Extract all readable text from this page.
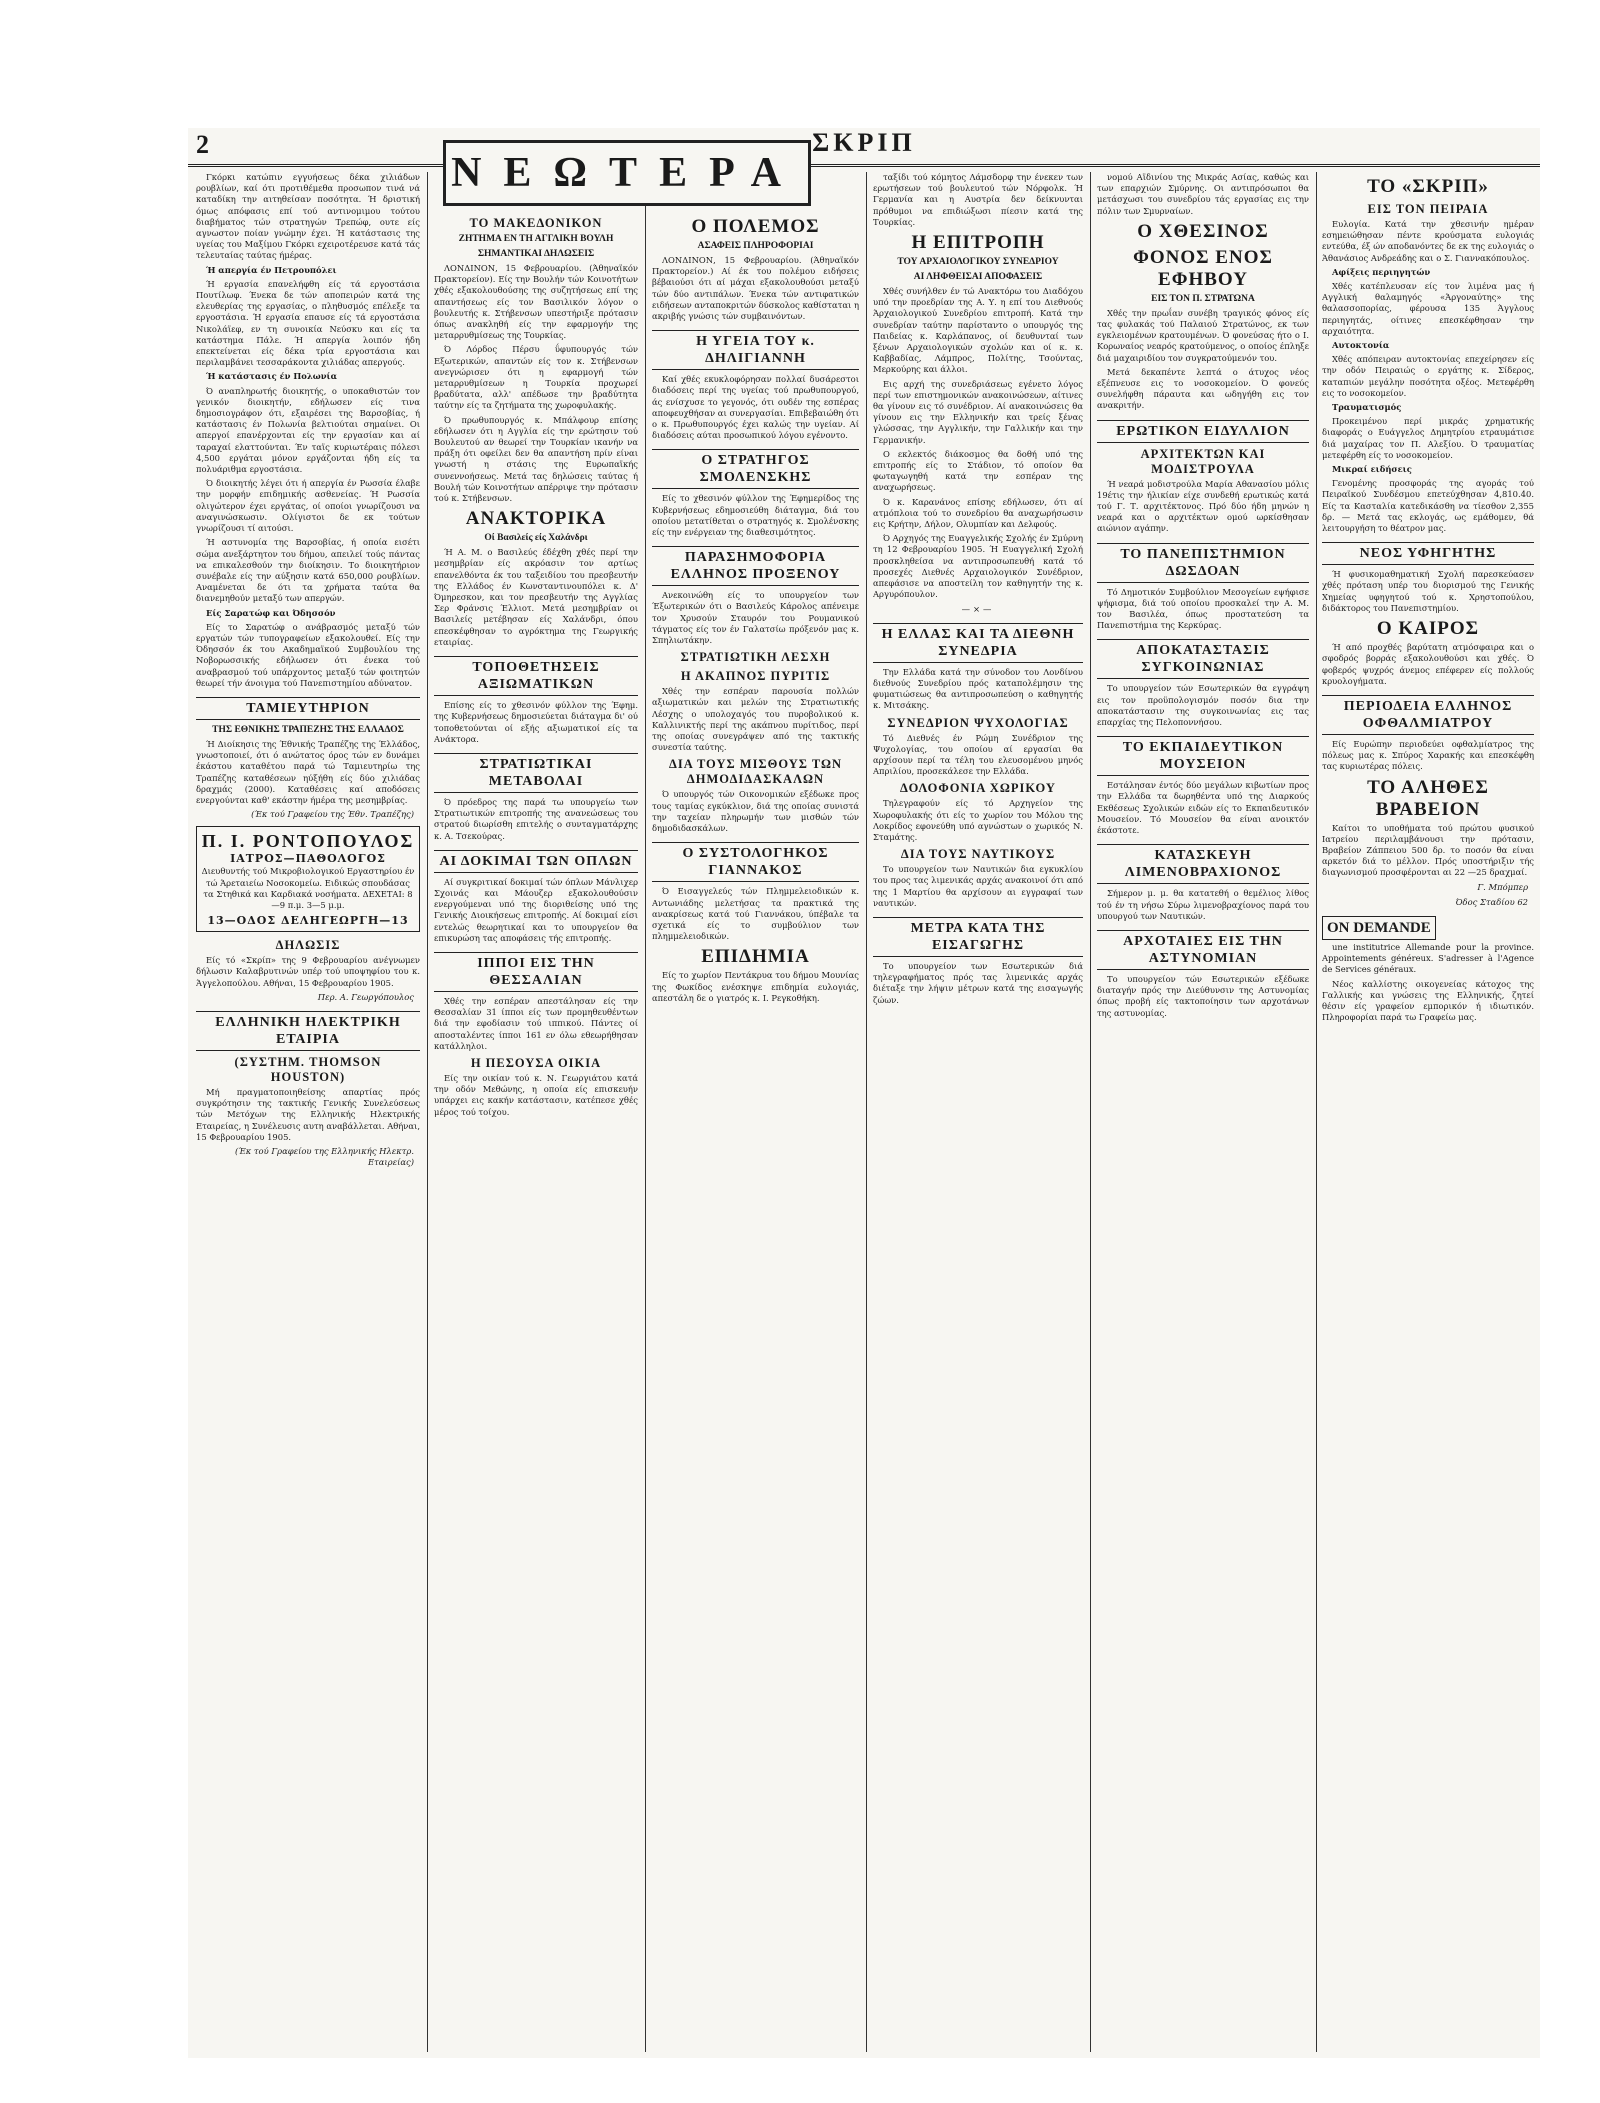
2	ΣΚΡΙΠ

Γκόρκι κατώπιν εγγυήσεως δέκα χιλιάδων ρουβλίων, καί ότι προτιθέμεθα προσωπον τινά νά καταδίκη την αιτηθείσαν ποσότητα. Ή δριστική όμως απόφασις επί τού αντινομιμου τούτου διαβήματος τών στρατηγών Τρεπώφ, ουτε είς αγνωστον ποίαν γνώμην έχει. Ή κατάστασις της υγείας του Μαξίμου Γκόρκι εχειροτέρευσε κατά τάς τελευταίας ταύτας ήμέρας.

Ή απεργία έν Πετρουπόλει

Ή εργασία επανελήφθη είς τά εργοστάσια Πουτίλωφ. Ένεκα δε τών αποπειρών κατά της ελευθερίας της εργασίας, ο πληθυσμός επέλεξε τα εργοστάσια. Ή εργασία επαυσε είς τά εργοστάσια Νικολάϊεφ, εν τη συνοικία Νεύσκυ και είς τα κατάστημα Πάλε. Ή απεργία λοιπόν ήδη επεκτείνεται είς δέκα τρία εργοστάσια και περιλαμβάνει τεσσαράκοντα χιλιάδας απεργούς.

Ή κατάστασις έν Πολωνία

Ό αναπληρωτής διοικητής, ο υποκαθιστών τον γενικόν διοικητήν, εδήλωσεν είς τινα δημοσιογράφον ότι, εξαιρέσει της Βαρσοβίας, ή κατάστασις έν Πολωνία βελτιούται σημαίνει. Οι απεργοί επανέρχονται είς την εργασίαν και αί ταραχαί ελαττούνται. Έν ταϊς κυριωτέραις πόλεσι 4,500 εργάται μόνον εργάζονται ήδη είς τα πολυάριθμα εργοστάσια.

Ό διοικητής λέγει ότι ή απεργία έν Ρωσσία έλαβε την μορφήν επιδημικής ασθενείας. Ή Ρωσσία ολιγώτερον έχει εργάτας, οί οποίοι γνωρίζουσι να αναγινώσκωσιν. Ολίγιστοι δε εκ τούτων γνωρίζουσι τί αιτούσι.

Ή αστυνομία της Βαρσοβίας, ή οποία εισέτι σώμα ανεξάρτητον του δήμου, απειλεί τούς πάντας να επικαλεσθούν την διοίκησιν. Το διοικητήριον συνέβαλε είς την αύξησιν κατά 650,000 ρουβλίων. Αναμένεται δε ότι τα χρήματα ταύτα θα διανεμηθούν μεταξύ των απεργών.

Είς Σαρατώφ και Όδησσόν

Είς το Σαρατώφ ο ανάβρασμός μεταξύ τών εργατών τών τυπογραφείων εξακολουθεί. Είς την Όδησσόν έκ του Ακαδημαϊκού Συμβουλίου της Νοβορωσσικής εδήλωσεν ότι ένεκα τού αναβρασμού τού υπάρχοντος μεταξύ τών φοιτητών θεωρεί τήν άνοιγμα τού Πανεπιστημίου αδύνατον.

ΤΑΜΙΕΥΤΗΡΙΟΝ
ΤΗΣ ΕΘΝΙΚΗΣ ΤΡΑΠΕΖΗΣ ΤΗΣ ΕΛΛΑΔΟΣ

Ή Διοίκησις της Έθνικής Τραπέζης της Έλλάδος, γνωστοποιεί, ότι ό ανώτατος όρος τών εν δυνάμει έκάστου καταθέτου παρά τώ Ταμιευτηρίω της Τραπέζης καταθέσεων ηύξήθη είς δύο χιλιάδας δραχμάς (2000). Καταθέσεις καί αποδόσεις ενεργούνται καθ' εκάστην ήμέρα της μεσημβρίας.

(Έκ τού Γραφείου της Έθν. Τραπέζης)
Π. Ι. ΡΟΝΤΟΠΟΥΛΟΣ
ΙΑΤΡΟΣ—ΠΑΘΟΛΟΓΟΣ

Διευθυντής τού Μικροβιολογικού Εργαστηρίου έν τώ Άρεταιείω Νοσοκομείω. Ειδικώς σπουδάσας τα Στηθικά και Καρδιακά νοσήματα. ΔΕΧΕΤΑΙ: 8—9 π.μ. 3—5 μ.μ.

13—ΟΔΟΣ ΔΕΛΗΓΕΩΡΓΗ—13
ΔΗΛΩΣΙΣ

Είς τό «Σκρίπ» της 9 Φεβρουαρίου ανέγνωμεν δήλωσιν Καλαβρυτινών υπέρ τού υποψηφίου του κ. Άγγελοπούλου. Αθήναι, 15 Φεβρουαρίου 1905.

Περ. Α. Γεωργόπουλος
ΕΛΛΗΝΙΚΗ ΗΛΕΚΤΡΙΚΗ ΕΤΑΙΡΙΑ
(ΣΥΣΤΗΜ. THOMSON HOUSTON)

Μή πραγματοποιηθείσης απαρτίας πρός συγκρότησιν της τακτικής Γενικής Συνελεύσεως τών Μετόχων της Ελληνικής Ηλεκτρικής Εταιρείας, η Συνέλευσις αυτη αναβάλλεται. Αθήναι, 15 Φεβρουαρίου 1905.

(Έκ τού Γραφείου της Ελληνικής Ηλεκτρ. Εταιρείας)
ΝΕΩΤΕΡΑ
ΤΟ ΜΑΚΕΔΟΝΙΚΟΝ
ΖΗΤΗΜΑ ΕΝ ΤΗ ΑΓΓΛΙΚΗ ΒΟΥΛΗ
ΣΗΜΑΝΤΙΚΑΙ ΔΗΛΩΣΕΙΣ

ΛΟΝΔΙΝΟΝ, 15 Φεβρουαρίου. (Άθηναϊκόν Πρακτορείον). Είς την Βουλήν τών Κοινοτήτων χθές εξακολουθούσης της συζητήσεως επί της απαντήσεως είς τον Βασιλικόν λόγον ο βουλευτής κ. Στήβενσων υπεστήριξε πρότασιν όπως ανακληθή είς την εφαρμογήν της μεταρρυθμίσεως της Τουρκίας.

Ό Λόρδος Πέρσυ ΰφυπουργός τών Εξωτερικών, απαντών είς τον κ. Στήβενσων ανεγνώρισεν ότι η εφαρμογή τών μεταρρυθμίσεων η Τουρκία προχωρεί βραδύτατα, αλλ' απέδωσε την βραδύτητα ταύτην είς τα ζητήματα της χωροφυλακής.

Ό πρωθυπουργός κ. Μπάλφουρ επίσης εδήλωσεν ότι η Αγγλία είς την ερώτησιν τού Βουλευτού αν θεωρεί την Τουρκίαν ικανήν να πράξη ότι οφείλει δεν θα απαντήση πρίν είναι γνωστή η στάσις της Ευρωπαϊκής συνεννοήσεως. Μετά τας δηλώσεις ταύτας ή Βουλή τών Κοινοτήτων απέρριψε την πρότασιν τού κ. Στήβενσων.

ΑΝΑΚΤΟΡΙΚΑ
Οί Βασιλείς είς Χαλάνδρι

Ή Α. Μ. ο Βασιλεύς έδέχθη χθές περί την μεσημβρίαν είς ακρόασιν τον αρτίως επανελθόντα έκ του ταξειδίου του πρεσβευτήν της Ελλάδος έν Κωνσταντινουπόλει κ. Δ' Όμηρεσκον, και τον πρεσβευτήν της Αγγλίας Σερ Φράνσις Έλλιοτ. Μετά μεσημβρίαν οι Βασιλείς μετέβησαν είς Χαλάνδρι, όπου επεσκέφθησαν το αγρόκτημα της Γεωργικής εταιρίας.

ΤΟΠΟΘΕΤΗΣΕΙΣ ΑΞΙΩΜΑΤΙΚΩΝ

Επίσης είς το χθεσινόν φύλλον της Έφημ. της Κυβερνήσεως δημοσιεύεται διάταγμα δι' ού τοποθετούνται οί εξής αξιωματικοί είς τα Ανάκτορα.

ΣΤΡΑΤΙΩΤΙΚΑΙ ΜΕΤΑΒΟΛΑΙ

Ό πρόεδρος της παρά τω υπουργείω των Στρατιωτικών επιτροπής της ανανεώσεως του στρατού διωρίσθη επιτελής ο συνταγματάρχης κ. Α. Τσεκούρας.

ΑΙ ΔΟΚΙΜΑΙ ΤΩΝ ΟΠΛΩΝ

Αί συγκριτικαί δοκιμαί τών όπλων Μάνλιχερ Σχοινάς και Μάουζερ εξακολουθούσιν ενεργούμεναι υπό της διοριθείσης υπό της Γενικής Διοικήσεως επιτροπής. Αί δοκιμαί είσι εντελώς θεωρητικαί και το υπουργείον θα επικυρώση τας αποφάσεις τής επιτροπής.

ΙΠΠΟΙ ΕΙΣ ΤΗΝ ΘΕΣΣΑΛΙΑΝ

Χθές την εσπέραν απεστάλησαν είς την Θεσσαλίαν 31 ίπποι είς των προμηθευθέντων διά την εφοδίασιν τού ιππικού. Πάντες οί αποσταλέντες ίπποι 161 εν όλω εθεωρήθησαν κατάλληλοι.

Η ΠΕΣΟΥΣΑ ΟΙΚΙΑ

Είς την οικίαν τού κ. Ν. Γεωργιάτου κατά την οδόν Μεθώνης, η οποία είς επισκευήν υπάρχει εις κακήν κατάστασιν, κατέπεσε χθές μέρος τού τοίχου.

Ο ΠΟΛΕΜΟΣ
ΑΣΑΦΕΙΣ ΠΛΗΡΟΦΟΡΙΑΙ

ΛΟΝΔΙΝΟΝ, 15 Φεβρουαρίου. (Άθηναϊκόν Πρακτορείον.) Αί έκ του πολέμου ειδήσεις βέβαιούσι ότι αί μάχαι εξακολουθούσι μεταξύ τών δύο αντιπάλων. Ένεκα τών αντιφατικών ειδήσεων ανταποκριτών δύσκολος καθίσταται η ακριβής γνώσις τών συμβαινόντων.

Η ΥΓΕΙΑ ΤΟΥ κ. ΔΗΛΙΓΙΑΝΝΗ

Καί χθές εκυκλοφόρησαν πολλαί δυσάρεστοι διαδόσεις περί της υγείας τού πρωθυπουργού, άς ενίσχυσε το γεγονός, ότι ουδέν της εσπέρας αποφευχθήσαν αι συνεργασίαι. Επιβεβαιώθη ότι ο κ. Πρωθυπουργός έχει καλώς την υγείαν. Αί διαδόσεις αύται προσωπικού λόγου εγένοντο.

Ο ΣΤΡΑΤΗΓΟΣ ΣΜΟΛΕΝΣΚΗΣ

Είς το χθεσινόν φύλλον της Έφημερίδος της Κυβερνήσεως εδημοσιεύθη διάταγμα, διά του οποίου μετατίθεται ο στρατηγός κ. Σμολένσκης είς την ενέργειαν της διαθεσιμότητος.

ΠΑΡΑΣΗΜΟΦΟΡΙΑ ΕΛΛΗΝΟΣ ΠΡΟΞΕΝΟΥ

Ανεκοινώθη είς το υπουργείον των Έξωτερικών ότι ο Βασιλεύς Κάρολος απένειμε τον Χρυσούν Σταυρόν του Ρουμανικού τάγματος είς τον έν Γαλατσίω πρόξενόν μας κ. Σπηλιωτάκην.

ΣΤΡΑΤΙΩΤΙΚΗ ΛΕΣΧΗ
Η ΑΚΑΠΝΟΣ ΠΥΡΙΤΙΣ

Χθές την εσπέραν παρουσία πολλών αξιωματικών και μελών της Στρατιωτικής Λέσχης ο υπολοχαγός του πυροβολικού κ. Καλλινικτής περί της ακάπνου πυρίτιδος, περί της οποίας συνεγράψεν από της τακτικής συνεστία ταύτης.

ΔΙΑ ΤΟΥΣ ΜΙΣΘΟΥΣ ΤΩΝ ΔΗΜΟΔΙΔΑΣΚΑΛΩΝ

Ό υπουργός τών Οικονομικών εξέδωκε προς τους ταμίας εγκύκλιον, διά της οποίας συνιστά την ταχείαν πληρωμήν των μισθών τών δημοδιδασκάλων.

Ο ΣΥΣΤΟΛΟΓΗΚΟΣ ΓΙΑΝΝΑΚΟΣ

Ό Εισαγγελεύς τών Πλημμελειοδικών κ. Αντωνιάδης μελετήσας τα πρακτικά της ανακρίσεως κατά τού Γιαννάκου, ύπέβαλε τα σχετικά είς το συμβούλιον των πλημμελειοδικών.

ΕΠΙΔΗΜΙΑ

Είς το χωρίον Πεντάκρυα του δήμου Μουνίας της Φωκίδος ενέσκηψε επιδημία ευλογιάς, απεστάλη δε ο γιατρός κ. Ι. Ρεγκοθήκη.

ταξίδι τού κόμητος Λάμσδορφ την ένεκεν των ερωτήσεων τού βουλευτού τών Νόρφολκ. Ή Γερμανία και η Αυστρία δεν δείκνυνται πρόθυμοι να επιδιώξωσι πίεσιν κατά της Τουρκίας.

Η ΕΠΙΤΡΟΠΗ
ΤΟΥ ΑΡΧΑΙΟΛΟΓΙΚΟΥ ΣΥΝΕΔΡΙΟΥ
ΑΙ ΛΗΦΘΕΙΣΑΙ ΑΠΟΦΑΣΕΙΣ

Χθές συνήλθεν έν τώ Ανακτόρω του Διαδόχου υπό την προεδρίαν της Α. Υ. η επί του Διεθνούς Άρχαιολογικού Συνεδρίου επιτροπή. Κατά την συνεδρίαν ταύτην παρίσταντο ο υπουργός της Παιδείας κ. Καρλάπανος, οί δευθυνταί των ξένων Αρχαιολογικών σχολών και οί κ. κ. Καββαδίας, Λάμπρος, Πολίτης, Τσούντας, Μερκούρης και άλλοι.

Εις αρχή της συνεδριάσεως εγένετο λόγος περί των επιστημονικών ανακοινώσεων, αίτινες θα γίνουν εις τό συνέδριον. Αί ανακοινώσεις θα γίνουν εις την Ελληνικήν και τρείς ξένας γλώσσας, την Αγγλικήν, την Γαλλικήν και την Γερμανικήν.

Ο εκλεκτός διάκοσμος θα δοθή υπό της επιτροπής είς το Στάδιον, τό οποίον θα φωταγωγηθή κατά την εσπέραν της αναχωρήσεως.

Ό κ. Καρανάνος επίσης εδήλωσεν, ότι αί ατμόπλοια τού το συνεδρίου θα αναχωρήσωσιν εις Κρήτην, Δήλον, Ολυμπίαν και Δελφούς.

Ό Αρχηγός της Ευαγγελικής Σχολής έν Σμύρνη τη 12 Φεβρουαρίου 1905. Ή Ευαγγελική Σχολή προσκληθείσα να αντιπροσωπευθή κατά τό προσεχές Διεθνές Αρχαιολογικόν Συνέδριον, απεφάσισε να αποστείλη τον καθηγητήν της κ. Αργυρόπουλον.

—×—
Η ΕΛΛΑΣ ΚΑΙ ΤΑ ΔΙΕΘΝΗ ΣΥΝΕΔΡΙΑ

Την Ελλάδα κατά την σύνοδον του Λονδίνου διεθνούς Συνεδρίου πρός καταπολέμησιν της φυματιώσεως θα αντιπροσωπεύση ο καθηγητής κ. Μιτσάκης.

ΣΥΝΕΔΡΙΟΝ ΨΥΧΟΛΟΓΙΑΣ

Τό Διεθνές έν Ρώμη Συνέδριον της Ψυχολογίας, του οποίου αί εργασίαι θα αρχίσουν περί τα τέλη του ελευσομένου μηνός Απριλίου, προσεκάλεσε την Ελλάδα.

ΔΟΛΟΦΟΝΙΑ ΧΩΡΙΚΟΥ

Τηλεγραφούν είς τό Αρχηγείον της Χωροφυλακής ότι είς το χωρίον του Μόλου της Λοκρίδος εφονεύθη υπό αγνώστων ο χωρικός Ν. Σταμάτης.

ΔΙΑ ΤΟΥΣ ΝΑΥΤΙΚΟΥΣ

Το υπουργείον των Ναυτικών δια εγκυκλίου του προς τας λιμενικάς αρχάς ανακοινοί ότι από της 1 Μαρτίου θα αρχίσουν αι εγγραφαί των ναυτικών.

ΜΕΤΡΑ ΚΑΤΑ ΤΗΣ ΕΙΣΑΓΩΓΗΣ

Το υπουργείον των Εσωτερικών διά τηλεγραφήματος πρός τας λιμενικάς αρχάς διέταξε την λήψιν μέτρων κατά της εισαγωγής ζώων.

νομού Αϊδινίου της Μικράς Ασίας, καθώς και των επαρχιών Σμύρνης. Οι αντιπρόσωποι θα μετάσχωσι του συνεδρίου τάς εργασίας εις την πόλιν των Σμυρναίων.

Ο ΧΘΕΣΙΝΟΣ
ΦΟΝΟΣ ΕΝΟΣ ΕΦΗΒΟΥ
ΕΙΣ ΤΟΝ Π. ΣΤΡΑΤΩΝΑ

Χθές την πρωΐαν συνέβη τραγικός φόνος είς τας φυλακάς τού Παλαιού Στρατώνος, εκ των εγκλειομένων κρατουμένων. Ό φονεύσας ήτο ο Ι. Κορωναίος νεαρός κρατούμενος, ο οποίος έπληξε διά μαχαιριδίου τον συγκρατούμενόν του.

Μετά δεκαπέντε λεπτά ο άτυχος νέος εξέπνευσε εις το νοσοκομείον. Ό φονεύς συνελήφθη πάραυτα και ωδηγήθη εις τον ανακριτήν.

ΕΡΩΤΙΚΟΝ ΕΙΔΥΛΛΙΟΝ
ΑΡΧΙΤΕΚΤΩΝ ΚΑΙ ΜΟΔΙΣΤΡΟΥΛΑ

Ή νεαρά μοδιστρούλα Μαρία Αθανασίου μόλις 19έτις την ήλικίαν είχε συνδεθή ερωτικώς κατά τού Γ. Τ. αρχιτέκτονος. Πρό δύο ήδη μηνών η νεαρά και ο αρχιτέκτων ομού ωρκίσθησαν αιώνιον αγάπην.

ΤΟ ΠΑΝΕΠΙΣΤΗΜΙΟΝ ΔΩΣΔΟΑΝ

Τό Δημοτικόν Συμβούλιον Μεσογείων εψήφισε ψήφισμα, διά τού οποίου προσκαλεί την Α. Μ. τον Βασιλέα, όπως προστατεύση τα Πανεπιστήμια της Κερκύρας.

ΑΠΟΚΑΤΑΣΤΑΣΙΣ ΣΥΓΚΟΙΝΩΝΙΑΣ

Το υπουργείον τών Εσωτερικών θα εγγράψη εις τον προϋπολογισμόν ποσόν δια την αποκατάστασιν της συγκοινωνίας εις τας επαρχίας της Πελοποννήσου.

ΤΟ ΕΚΠΑΙΔΕΥΤΙΚΟΝ ΜΟΥΣΕΙΟΝ

Εστάλησαν έντός δύο μεγάλων κιβωτίων προς την Ελλάδα τα δωρηθέντα υπό της Διαρκούς Εκθέσεως Σχολικών ειδών είς το Εκπαιδευτικόν Μουσείον. Τό Μουσείον θα είναι ανοικτόν έκάστοτε.

ΚΑΤΑΣΚΕΥΗ ΛΙΜΕΝΟΒΡΑΧΙΟΝΟΣ

Σήμερον μ. μ. θα κατατεθή ο θεμέλιος λίθος τού έν τη νήσω Σύρω λιμενοβραχίονος παρά του υπουργού των Ναυτικών.

ΑΡΧΟΤΑΙΕΣ ΕΙΣ ΤΗΝ ΑΣΤΥΝΟΜΙΑΝ

Το υπουργείον τών Εσωτερικών εξέδωκε διαταγήν πρός την Διεύθυνσιν της Αστυνομίας όπως προβή είς τακτοποίησιν των αρχοτάνων της αστυνομίας.

ΤΟ «ΣΚΡΙΠ»
ΕΙΣ ΤΟΝ ΠΕΙΡΑΙΑ

Ευλογία. Κατά την χθεσινήν ημέραν εσημειώθησαν πέντε κρούσματα ευλογιάς εντεύθα, έξ ών αποδανόντες δε εκ της ευλογιάς ο Άθανάσιος Ανδρεάδης και ο Σ. Γιαννακόπουλος.

Αφίξεις περιηγητών

Χθές κατέπλευσαν είς τον λιμένα μας ή Αγγλική θαλαμηγός «Άργοναύτης» της θαλασσοπορίας, φέρουσα 135 Άγγλους περιηγητάς, οίτινες επεσκέφθησαν την αρχαιότητα.

Αυτοκτονία

Χθές απόπειραν αυτοκτονίας επεχείρησεν είς την οδόν Πειραιώς ο εργάτης κ. Σίδερος, καταπιών μεγάλην ποσότητα οξέος. Μετεφέρθη εις το νοσοκομείον.

Τραυματισμός

Προκειμένου περί μικράς χρηματικής διαφοράς ο Ευάγγελος Δημητρίου ετραυμάτισε διά μαχαίρας τον Π. Αλεξίου. Ό τραυματίας μετεφέρθη είς το νοσοκομείον.

Μικραί ειδήσεις

Γενομένης προσφοράς της αγοράς τού Πειραϊκού Συνδέσμου επετεύχθησαν 4,810.40. Είς τα Κασταλία κατεδικάσθη να τίεσθον 2,355 δρ. — Μετά τας εκλογάς, ως εμάθομεν, θά λειτουργήση το θέατρον μας.

ΝΕΟΣ ΥΦΗΓΗΤΗΣ

Ή φυσικομαθηματική Σχολή παρεσκεύασεν χθές πρόταση υπέρ του διορισμού της Γενικής Χημείας υφηγητού τού κ. Χρηστοπούλου, διδάκτορος του Πανεπιστημίου.

Ο ΚΑΙΡΟΣ

Ή από προχθές βαρύτατη ατμόσφαιρα και ο σφοδρός βορράς εξακολουθούσι και χθές. Ό φοβερός ψυχρός άνεμος επέφερεν είς πολλούς κρυολογήματα.

ΠΕΡΙΟΔΕΙΑ ΕΛΛΗΝΟΣ ΟΦΘΑΛΜΙΑΤΡΟΥ

Είς Ευρώπην περιοδεύει οφθαλμίατρος της πόλεως μας κ. Σπύρος Χαρακής και επεσκέφθη τας κυριωτέρας πόλεις.

ΤΟ ΑΛΗΘΕΣ ΒΡΑΒΕΙΟΝ

Καίτοι το υποθήματα τού πρώτου φυσικού Ιατρείου περιλαμβάνουσι την πρότασιν, Βραβείον Ζάππειου 500 δρ. το ποσόν θα είναι αρκετόν διά το μέλλον. Πρός υποστήριξιν τής διαγωνισμού προσφέρονται αι 22 —25 δραχμαί.

Γ. Μπόμπερ
Όδος Σταδίου 62
ON DEMANDE

une institutrice Allemande pour la province. Appointements généreux. S'adresser à l'Agence de Services généraux.

Νέος καλλίστης οικογενείας κάτοχος της Γαλλικής και γνώσεις της Ελληνικής, ζητεί θέσιν είς γραφείον εμπορικόν ή ιδιωτικόν. Πληροφορίαι παρά τω Γραφείω μας.
